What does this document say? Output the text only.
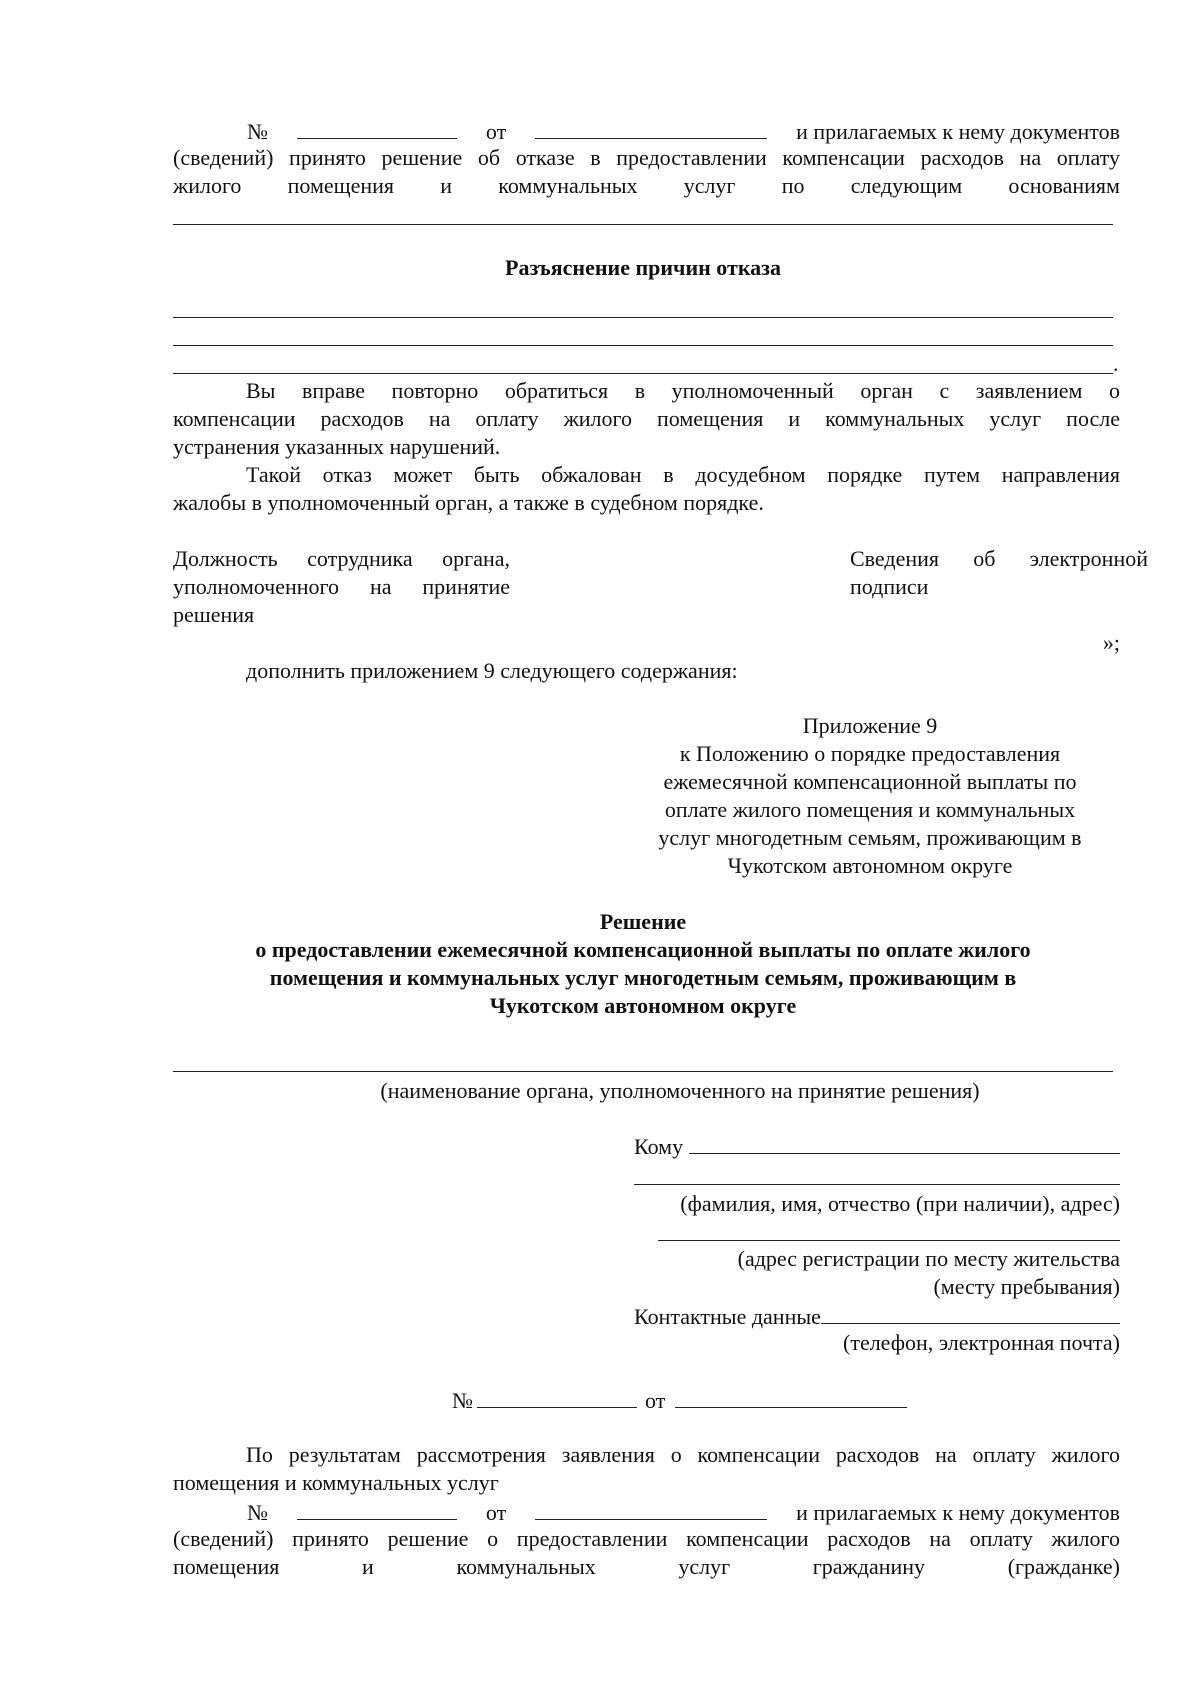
№	от	и прилагаемых к нему документов
(сведений) принято решение об отказе в предоставлении компенсации расходов на оплату
жилого помещения и коммунальных услуг по следующим основаниям
Разъяснение причин отказа
.
Вы вправе повторно обратиться в уполномоченный орган с заявлением о
компенсации расходов на оплату жилого помещения и коммунальных услуг после
устранения указанных нарушений.
Такой отказ может быть обжалован в досудебном порядке путем направления
жалобы в уполномоченный орган, а также в судебном порядке.
Должность сотрудника органа,
уполномоченного на принятие
решения
Сведения об электронной
подписи
»;
дополнить приложением 9 следующего содержания:
Приложение 9
к Положению о порядке предоставления
ежемесячной компенсационной выплаты по
оплате жилого помещения и коммунальных
услуг многодетным семьям, проживающим в
Чукотском автономном округе
Решение
о предоставлении ежемесячной компенсационной выплаты по оплате жилого
помещения и коммунальных услуг многодетным семьям, проживающим в
Чукотском автономном округе
(наименование органа, уполномоченного на принятие решения)
Кому
(фамилия, имя, отчество (при наличии), адрес)
(адрес регистрации по месту жительства
(месту пребывания)
Контактные данные
(телефон, электронная почта)
№	от
По результатам рассмотрения заявления о компенсации расходов на оплату жилого
помещения и коммунальных услуг
№	от	и прилагаемых к нему документов
(сведений) принято решение о предоставлении компенсации расходов на оплату жилого
помещения	и	коммунальных	услуг	гражданину	(гражданке)
